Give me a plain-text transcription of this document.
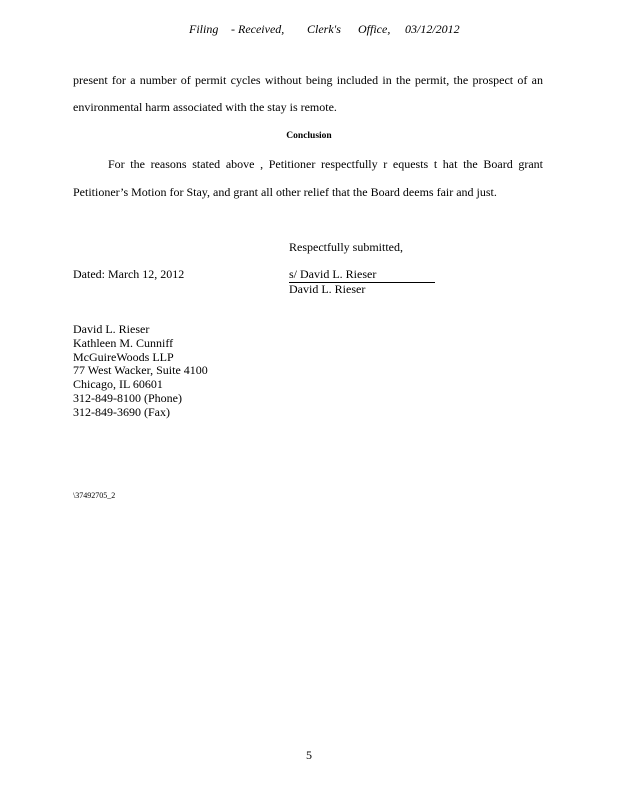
Filing - Received, Clerk's Office, 03/12/2012
present for a number of permit cycles without being included in the permit, the prospect of an
environmental harm associated with the stay is remote.
Conclusion
For the reasons stated above , Petitioner respectfully r equests t hat the Board grant
Petitioner’s Motion for Stay, and grant all other relief that the Board deems fair and just.
Respectfully submitted,
Dated: March 12, 2012	s/ David L. Rieser
David L. Rieser
David L. Rieser
Kathleen M. Cunniff
McGuireWoods LLP
77 West Wacker, Suite 4100
Chicago, IL 60601
312-849-8100 (Phone)
312-849-3690 (Fax)
\37492705_2
5
